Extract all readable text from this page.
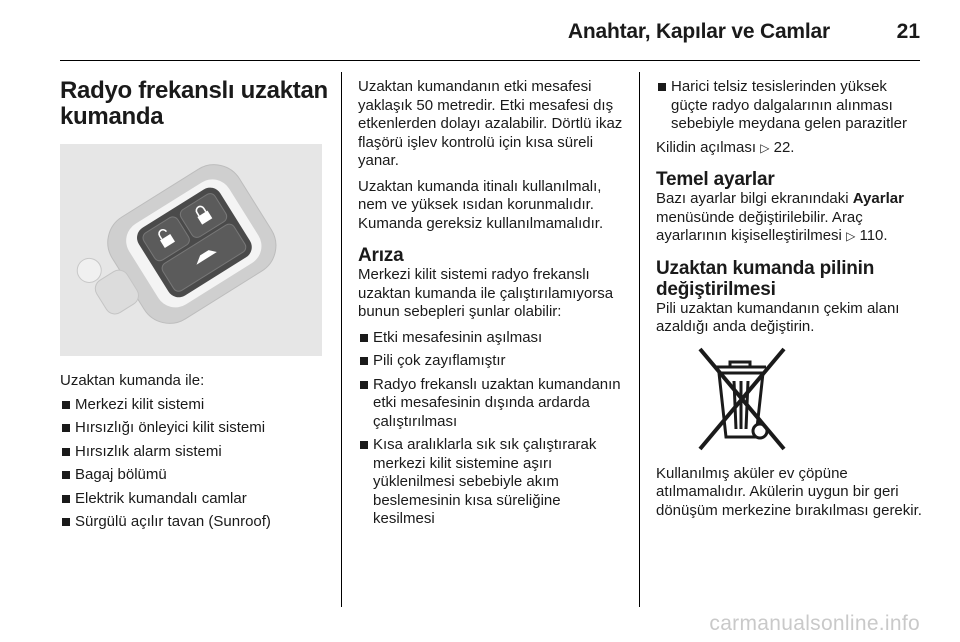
Anahtar, Kapılar ve Camlar	21
Radyo frekanslı uzaktan kumanda

Uzaktan kumanda ile:

Merkezi kilit sistemi
Hırsızlığı önleyici kilit sistemi
Hırsızlık alarm sistemi
Bagaj bölümü
Elektrik kumandalı camlar
Sürgülü açılır tavan (Sunroof)

Uzaktan kumandanın etki mesafesi yaklaşık 50 metredir. Etki mesafesi dış etkenlerden dolayı azalabilir. Dörtlü ikaz flaşörü işlev kontrolü için kısa süreli yanar.

Uzaktan kumanda itinalı kullanılmalı, nem ve yüksek ısıdan korunmalıdır. Kumanda gereksiz kullanılmamalıdır.

Arıza

Merkezi kilit sistemi radyo frekanslı uzaktan kumanda ile çalıştırılamıyorsa bunun sebepleri şunlar olabilir:

Etki mesafesinin aşılması
Pili çok zayıflamıştır
Radyo frekanslı uzaktan kumandanın etki mesafesinin dışında ardarda çalıştırılması
Kısa aralıklarla sık sık çalıştırarak merkezi kilit sistemine aşırı yüklenilmesi sebebiyle akım beslemesinin kısa süreliğine kesilmesi
Harici telsiz tesislerinden yüksek güçte radyo dalgalarının alınması sebebiyle meydana gelen parazitler

Kilidin açılması ▷ 22.

Temel ayarlar

Bazı ayarlar bilgi ekranındaki Ayarlar menüsünde değiştirilebilir. Araç ayarlarının kişiselleştirilmesi ▷ 110.

Uzaktan kumanda pilinin değiştirilmesi

Pili uzaktan kumandanın çekim alanı azaldığı anda değiştirin.

Kullanılmış aküler ev çöpüne atılmamalıdır. Akülerin uygun bir geri dönüşüm merkezine bırakılması gerekir.

carmanualsonline.info
